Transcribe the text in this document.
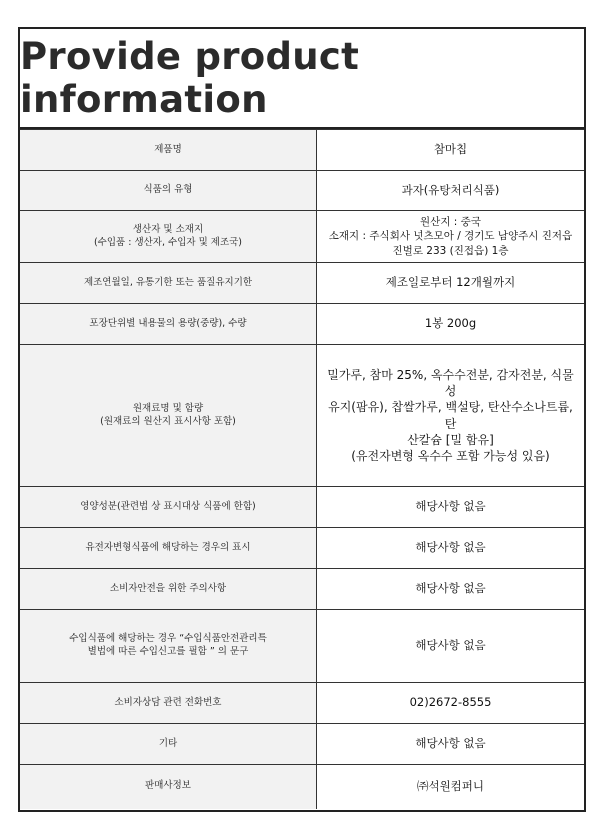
Provide product information
제품명	참마칩
식품의 유형	과자(유탕처리식품)
생산자 및 소재지
(수입품 : 생산자, 수입자 및 제조국)	원산지 : 중국
소재지 : 주식회사 넛츠모아 / 경기도 남양주시 진저읍
진벌로 233 (진접읍) 1층
제조연월일, 유통기한 또는 품질유지기한	제조일로부터 12개월까지
포장단위별 내용물의 용량(중량), 수량	1봉 200g
원재료명 및 함량
(원재료의 원산지 표시사항 포함)	밀가루, 참마 25%, 옥수수전분, 감자전분, 식물성
유지(팜유), 찹쌀가루, 백설탕, 탄산수소나트륨, 탄
산칼슘 [밀 함유]
(유전자변형 옥수수 포함 가능성 있음)
영양성분(관련법 상 표시대상 식품에 한함)	해당사항 없음
유전자변형식품에 해당하는 경우의 표시	해당사항 없음
소비자안전을 위한 주의사항	해당사항 없음
수입식품에 해당하는 경우 “수입식품안전관리특
별법에 따른 수입신고를 필함 ” 의 문구	해당사항 없음
소비자상담 관련 전화번호	02)2672-8555
기타	해당사항 없음
판매사정보	㈜석원컴퍼니
